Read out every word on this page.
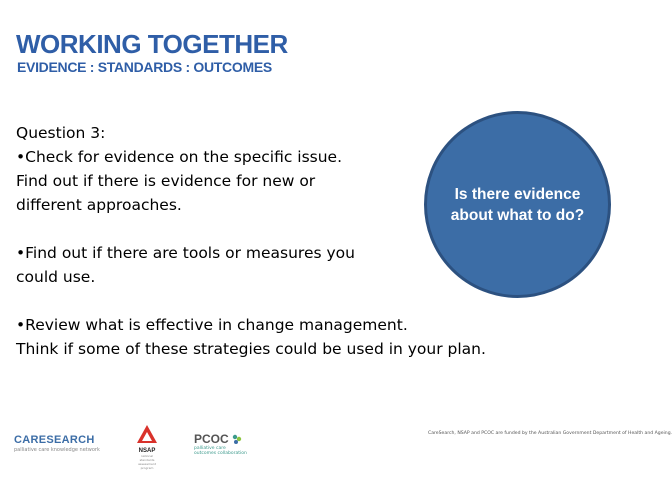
WORKING TOGETHER
EVIDENCE : STANDARDS : OUTCOMES
Question 3:
•Check for evidence on the specific issue.
Find out if there is evidence for new or
different approaches.
•Find out if there are tools or measures you
could use.
•Review what is effective in change management.
Think if some of these strategies could be used in your plan.
Is there evidence about what to do?
CARESEARCH
palliative care knowledge network	NSAP
national standards assessment program
PCOC
palliative care
outcomes collaboration
CareSearch, NSAP and PCOC are funded by the Australian Government Department of Health and Ageing.
